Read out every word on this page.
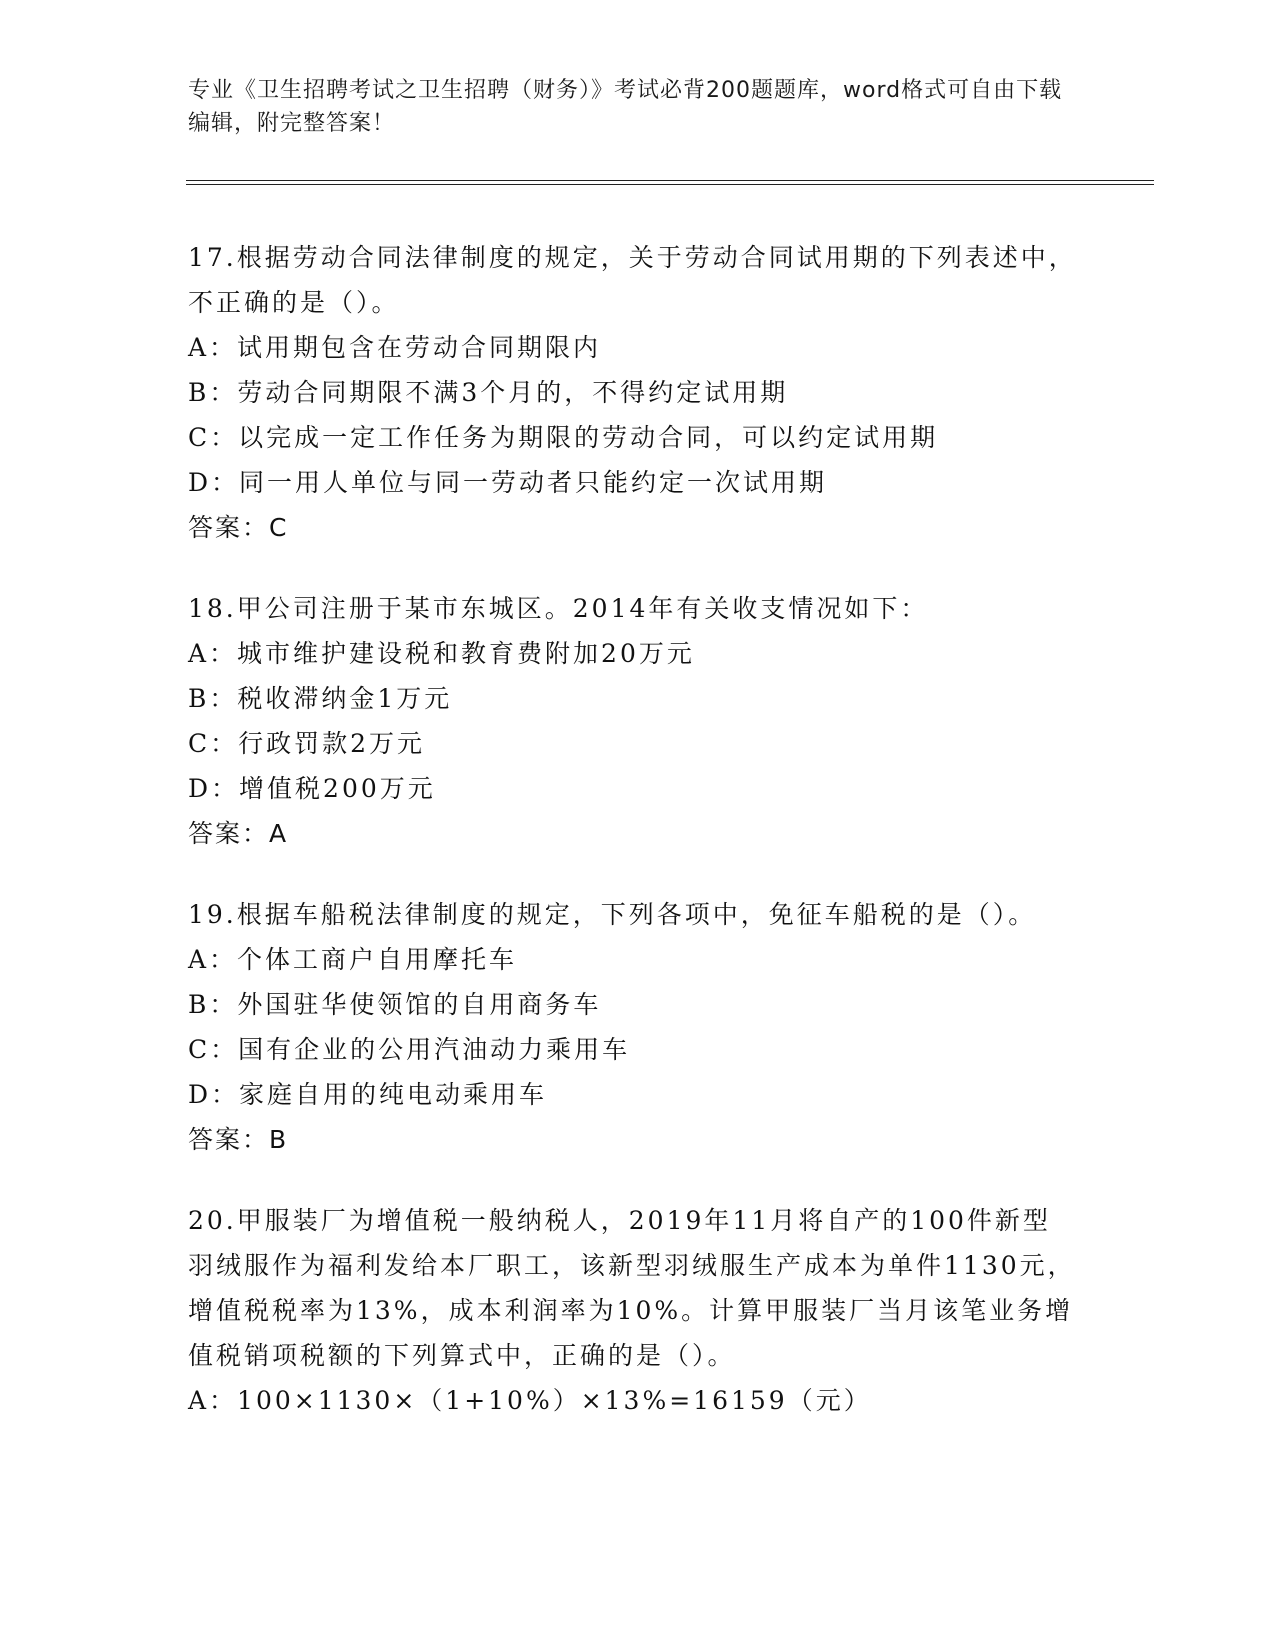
专业《卫生招聘考试之卫生招聘（财务）》考试必背200题题库，word格式可自由下载编辑，附完整答案！

17.根据劳动合同法律制度的规定，关于劳动合同试用期的下列表述中，不正确的是（）。

A：试用期包含在劳动合同期限内

B：劳动合同期限不满3个月的，不得约定试用期

C：以完成一定工作任务为期限的劳动合同，可以约定试用期

D：同一用人单位与同一劳动者只能约定一次试用期

答案：C

18.甲公司注册于某市东城区。2014年有关收支情况如下：

A：城市维护建设税和教育费附加20万元

B：税收滞纳金1万元

C：行政罚款2万元

D：增值税200万元

答案：A

19.根据车船税法律制度的规定，下列各项中，免征车船税的是（）。

A：个体工商户自用摩托车

B：外国驻华使领馆的自用商务车

C：国有企业的公用汽油动力乘用车

D：家庭自用的纯电动乘用车

答案：B

20.甲服装厂为增值税一般纳税人，2019年11月将自产的100件新型羽绒服作为福利发给本厂职工，该新型羽绒服生产成本为单件1130元，增值税税率为13%，成本利润率为10%。计算甲服装厂当月该笔业务增值税销项税额的下列算式中，正确的是（）。

A：100×1130×（1+10%）×13%=16159（元）
